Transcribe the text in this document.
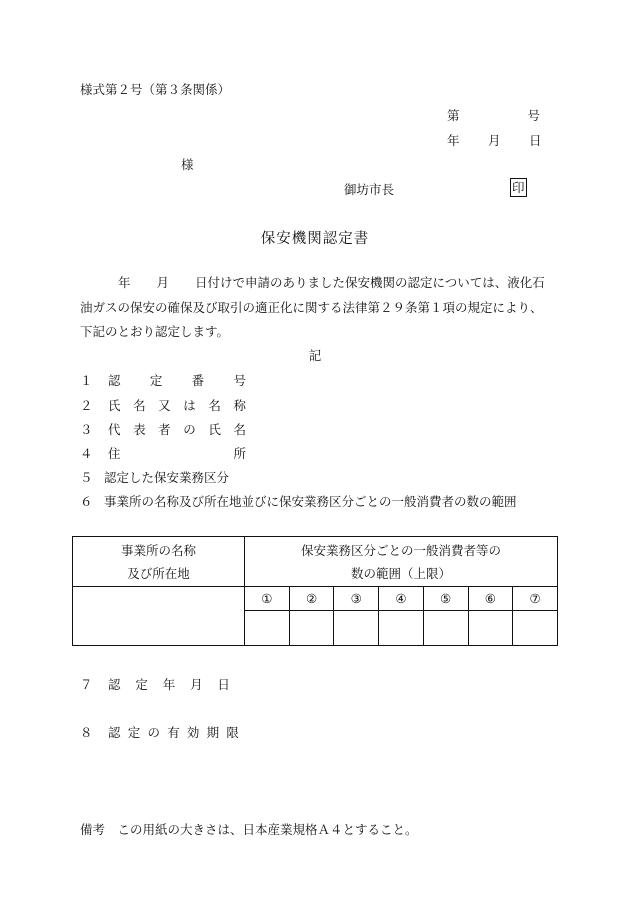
様式第２号（第３条関係）
第	号
年 月 日
様
御坊市長	印
保安機関認定書

年 月 日付けで申請のありました保安機関の認定については、液化石油ガスの保安の確保及び取引の適正化に関する法律第２９条第１項の規定により、下記のとおり認定します。

記
１ 認 定 番 号
２ 氏 名 又 は 名 称
３ 代 表 者 の 氏 名
４ 住	所
５ 認定した保安業務区分
６ 事業所の名称及び所在地並びに保安業務区分ごとの一般消費者の数の範囲
事業所の名称
及び所在地	保安業務区分ごとの一般消費者等の
数の範囲（上限）						

	①	②	③	④	⑤	⑥	⑦

７ 認 定 年 月 日
８ 認 定 の 有 効 期 限
備考　この用紙の大きさは、日本産業規格Ａ４とすること。
